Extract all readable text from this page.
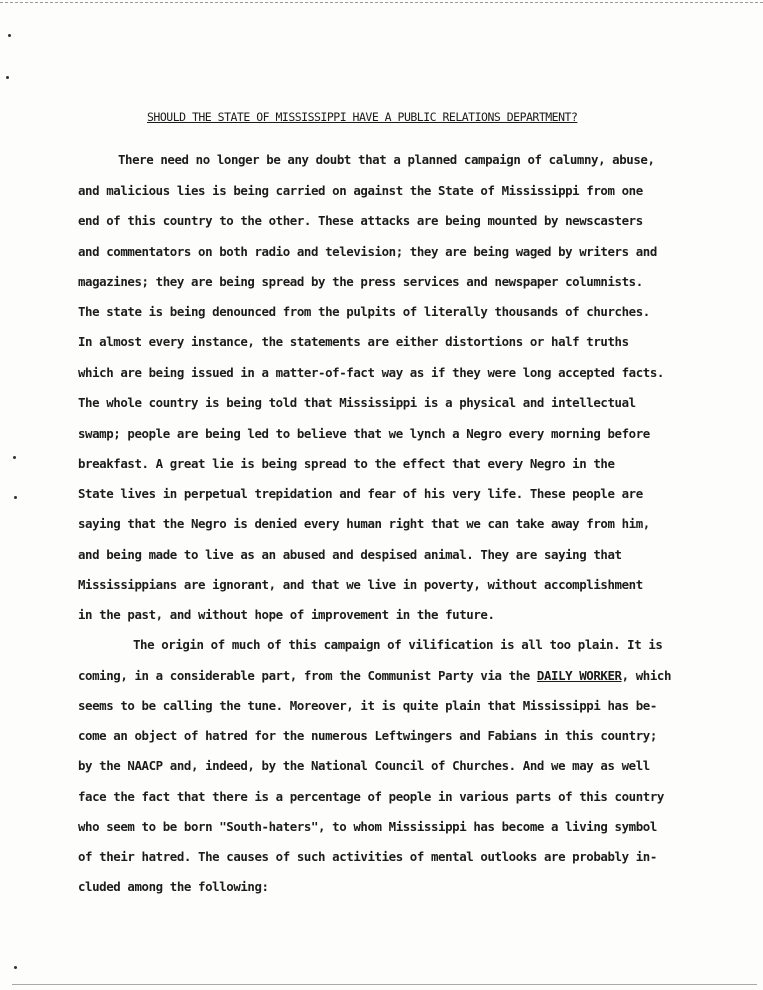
SHOULD THE STATE OF MISSISSIPPI HAVE A PUBLIC RELATIONS DEPARTMENT?
There need no longer be any doubt that a planned campaign of calumny, abuse,
and malicious lies is being carried on against the State of Mississippi from one
end of this country to the other. These attacks are being mounted by newscasters
and commentators on both radio and television; they are being waged by writers and
magazines; they are being spread by the press services and newspaper columnists.
The state is being denounced from the pulpits of literally thousands of churches.
In almost every instance, the statements are either distortions or half truths
which are being issued in a matter-of-fact way as if they were long accepted facts.
The whole country is being told that Mississippi is a physical and intellectual
swamp; people are being led to believe that we lynch a Negro every morning before
breakfast. A great lie is being spread to the effect that every Negro in the
State lives in perpetual trepidation and fear of his very life. These people are
saying that the Negro is denied every human right that we can take away from him,
and being made to live as an abused and despised animal. They are saying that
Mississippians are ignorant, and that we live in poverty, without accomplishment
in the past, and without hope of improvement in the future.
The origin of much of this campaign of vilification is all too plain. It is
coming, in a considerable part, from the Communist Party via the DAILY WORKER, which
seems to be calling the tune. Moreover, it is quite plain that Mississippi has be-
come an object of hatred for the numerous Leftwingers and Fabians in this country;
by the NAACP and, indeed, by the National Council of Churches. And we may as well
face the fact that there is a percentage of people in various parts of this country
who seem to be born "South-haters", to whom Mississippi has become a living symbol
of their hatred. The causes of such activities of mental outlooks are probably in-
cluded among the following:
